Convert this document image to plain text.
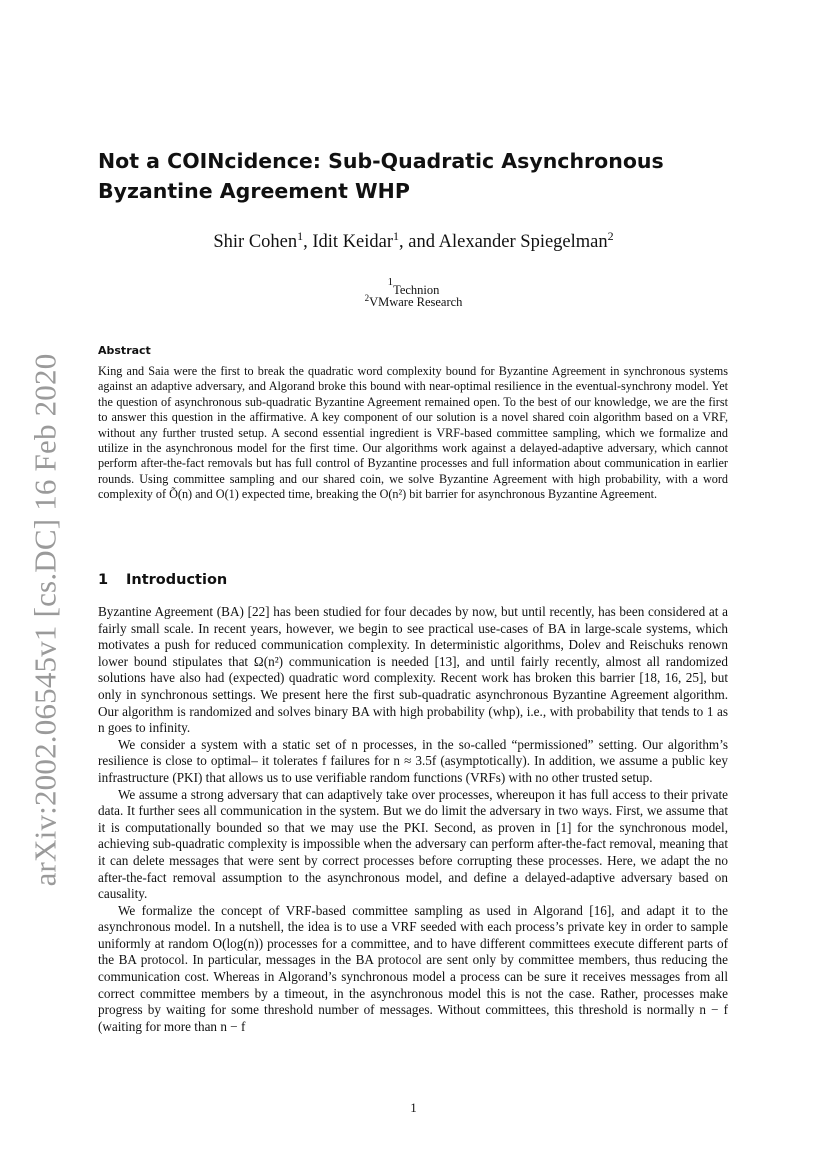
arXiv:2002.06545v1 [cs.DC] 16 Feb 2020
Not a COINcidence: Sub-Quadratic Asynchronous
Byzantine Agreement WHP
Shir Cohen$^1$, Idit Keidar$^1$, and Alexander Spiegelman$^2$
$^1$Technion
$^2$VMware Research
Abstract
King and Saia were the first to break the quadratic word complexity bound for Byzantine Agreement in synchronous systems against an adaptive adversary, and Algorand broke this bound with near-optimal resilience in the eventual-synchrony model. Yet the question of asynchronous sub-quadratic Byzantine Agreement remained open. To the best of our knowledge, we are the first to answer this question in the affirmative. A key component of our solution is a novel shared coin algorithm based on a VRF, without any further trusted setup. A second essential ingredient is VRF-based committee sampling, which we formalize and utilize in the asynchronous model for the first time. Our algorithms work against a delayed-adaptive adversary, which cannot perform after-the-fact removals but has full control of Byzantine processes and full information about communication in earlier rounds. Using committee sampling and our shared coin, we solve Byzantine Agreement with high probability, with a word complexity of Õ(n) and O(1) expected time, breaking the O(n²) bit barrier for asynchronous Byzantine Agreement.
1 Introduction

Byzantine Agreement (BA) [22] has been studied for four decades by now, but until recently, has been considered at a fairly small scale. In recent years, however, we begin to see practical use-cases of BA in large-scale systems, which motivates a push for reduced communication complexity. In deterministic algorithms, Dolev and Reischuks renown lower bound stipulates that Ω(n²) communication is needed [13], and until fairly recently, almost all randomized solutions have also had (expected) quadratic word complexity. Recent work has broken this barrier [18, 16, 25], but only in synchronous settings. We present here the first sub-quadratic asynchronous Byzantine Agreement algorithm. Our algorithm is randomized and solves binary BA with high probability (whp), i.e., with probability that tends to 1 as n goes to infinity.

We consider a system with a static set of n processes, in the so-called “permissioned” setting. Our algorithm’s resilience is close to optimal– it tolerates f failures for n ≈ 3.5f (asymptotically). In addition, we assume a public key infrastructure (PKI) that allows us to use verifiable random functions (VRFs) with no other trusted setup.

We assume a strong adversary that can adaptively take over processes, whereupon it has full access to their private data. It further sees all communication in the system. But we do limit the adversary in two ways. First, we assume that it is computationally bounded so that we may use the PKI. Second, as proven in [1] for the synchronous model, achieving sub-quadratic complexity is impossible when the adversary can perform after-the-fact removal, meaning that it can delete messages that were sent by correct processes before corrupting these processes. Here, we adapt the no after-the-fact removal assumption to the asynchronous model, and define a delayed-adaptive adversary based on causality.

We formalize the concept of VRF-based committee sampling as used in Algorand [16], and adapt it to the asynchronous model. In a nutshell, the idea is to use a VRF seeded with each process’s private key in order to sample uniformly at random O(log(n)) processes for a committee, and to have different committees execute different parts of the BA protocol. In particular, messages in the BA protocol are sent only by committee members, thus reducing the communication cost. Whereas in Algorand’s synchronous model a process can be sure it receives messages from all correct committee members by a timeout, in the asynchronous model this is not the case. Rather, processes make progress by waiting for some threshold number of messages. Without committees, this threshold is normally n − f (waiting for more than n − f

1
